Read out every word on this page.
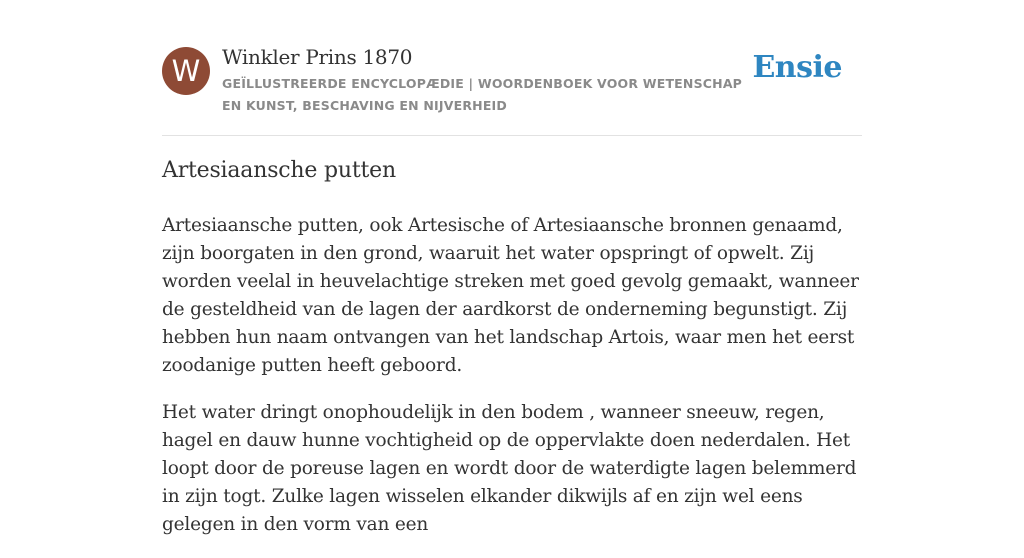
W	Winkler Prins 1870
GEÏLLUSTREERDE ENCYCLOPÆDIE | WOORDENBOEK VOOR WETENSCHAP EN KUNST, BESCHAVING EN NIJVERHEID
Ensie
Artesiaansche putten

Artesiaansche putten, ook Artesische of Artesiaansche bronnen genaamd, zijn boorgaten in den grond, waaruit het water opspringt of opwelt. Zij worden veelal in heuvelachtige streken met goed gevolg gemaakt, wanneer de gesteldheid van de lagen der aardkorst de onderneming begunstigt. Zij hebben hun naam ontvangen van het landschap Artois, waar men het eerst zoodanige putten heeft geboord.

Het water dringt onophoudelijk in den bodem , wanneer sneeuw, regen, hagel en dauw hunne vochtigheid op de oppervlakte doen nederdalen. Het loopt door de poreuse lagen en wordt door de waterdigte lagen belemmerd in zijn togt. Zulke lagen wisselen elkander dikwijls af en zijn wel eens gelegen in den vorm van een
